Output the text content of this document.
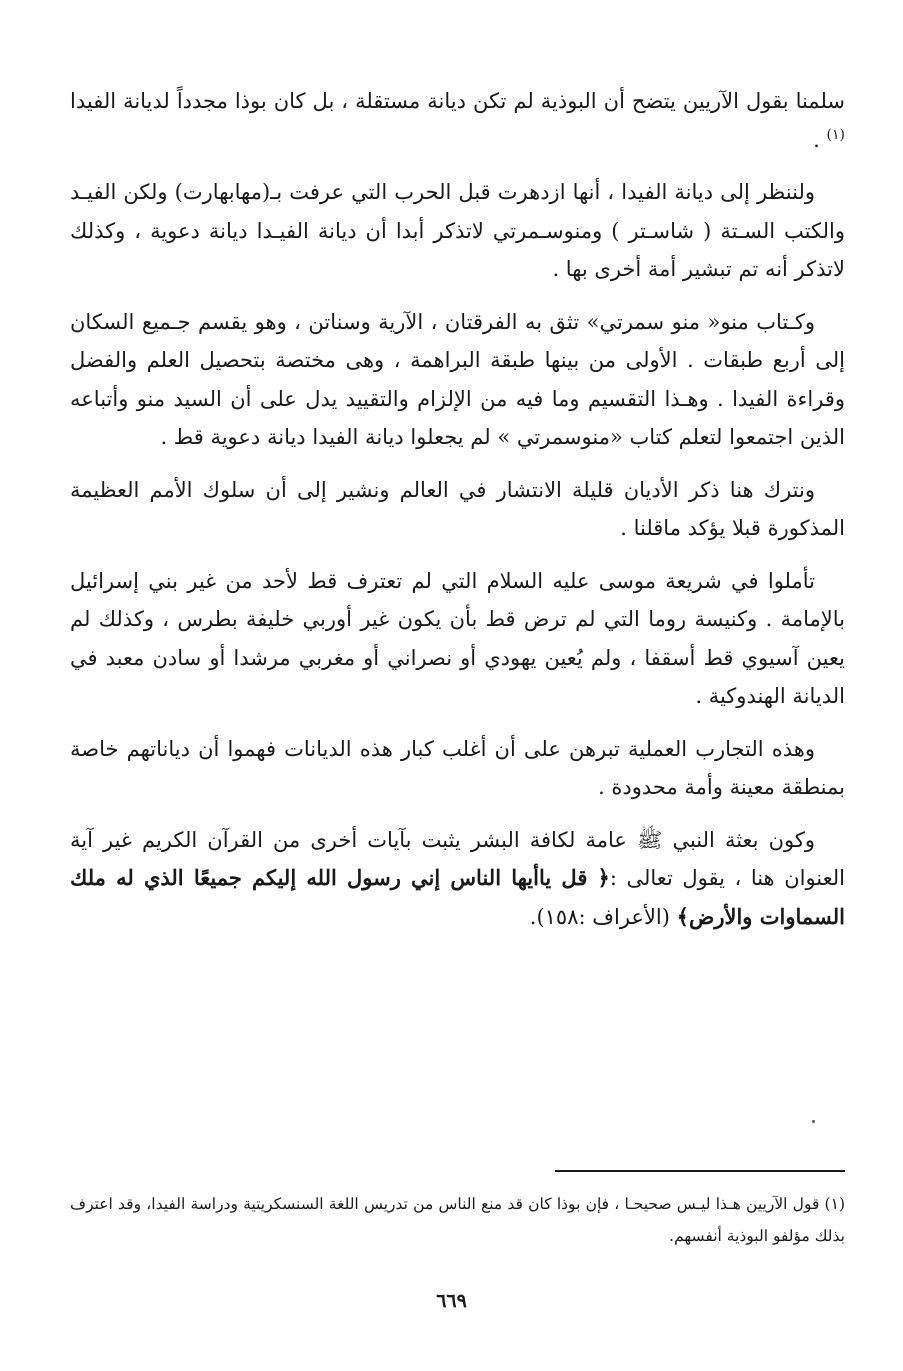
سلمنا بقول الآريين يتضح أن البوذية لم تكن ديانة مستقلة ، بل كان بوذا مجدداً لديانة الفيدا $^{(١)}$ .

ولننظر إلى ديانة الفيدا ، أنها ازدهرت قبل الحرب التي عرفت بـ(مهابهارت) ولكن الفيـد والكتب السـتة ( شاسـتر ) ومنوسـمرتي لاتذكر أبدا أن ديانة الفيـدا ديانة دعوية ، وكذلك لاتذكر أنه تم تبشير أمة أخرى بها .

وكـتاب منو« منو سمرتي» تثق به الفرقتان ، الآرية وسناتن ، وهو يقسم جـميع السكان إلى أربع طبقات . الأولى من بينها طبقة البراهمة ، وهى مختصة بتحصيل العلم والفضل وقراءة الفيدا . وهـذا التقسيم وما فيه من الإلزام والتقييد يدل على أن السيد منو وأتباعه الذين اجتمعوا لتعلم كتاب «منوسمرتي » لم يجعلوا ديانة الفيدا ديانة دعوية قط .

ونترك هنا ذكر الأديان قليلة الانتشار في العالم ونشير إلى أن سلوك الأمم العظيمة المذكورة قبلا يؤكد ماقلنا .

تأملوا في شريعة موسى عليه السلام التي لم تعترف قط لأحد من غير بني إسرائيل بالإمامة . وكنيسة روما التي لم ترض قط بأن يكون غير أوربي خليفة بطرس ، وكذلك لم يعين آسيوي قط أسقفا ، ولم يُعين يهودي أو نصراني أو مغربي مرشدا أو سادن معبد في الديانة الهندوكية .

وهذه التجارب العملية تبرهن على أن أغلب كبار هذه الديانات فهموا أن دياناتهم خاصة بمنطقة معينة وأمة محدودة .

وكون بعثة النبي ﷺ عامة لكافة البشر يثبت بآيات أخرى من القرآن الكريم غير آية العنوان هنا ، يقول تعالى :﴿ قل ياأيها الناس إني رسول الله إليكم جميعًا الذي له ملك السماوات والأرض﴾ (الأعراف :١٥٨).

(١) قول الآريين هـذا ليـس صحيحـا ، فإن بوذا كان قد منع الناس من تدريس اللغة السنسكريتية ودراسة الفيدا، وقد اعترف بذلك مؤلفو البوذية أنفسهم.

٦٦٩
